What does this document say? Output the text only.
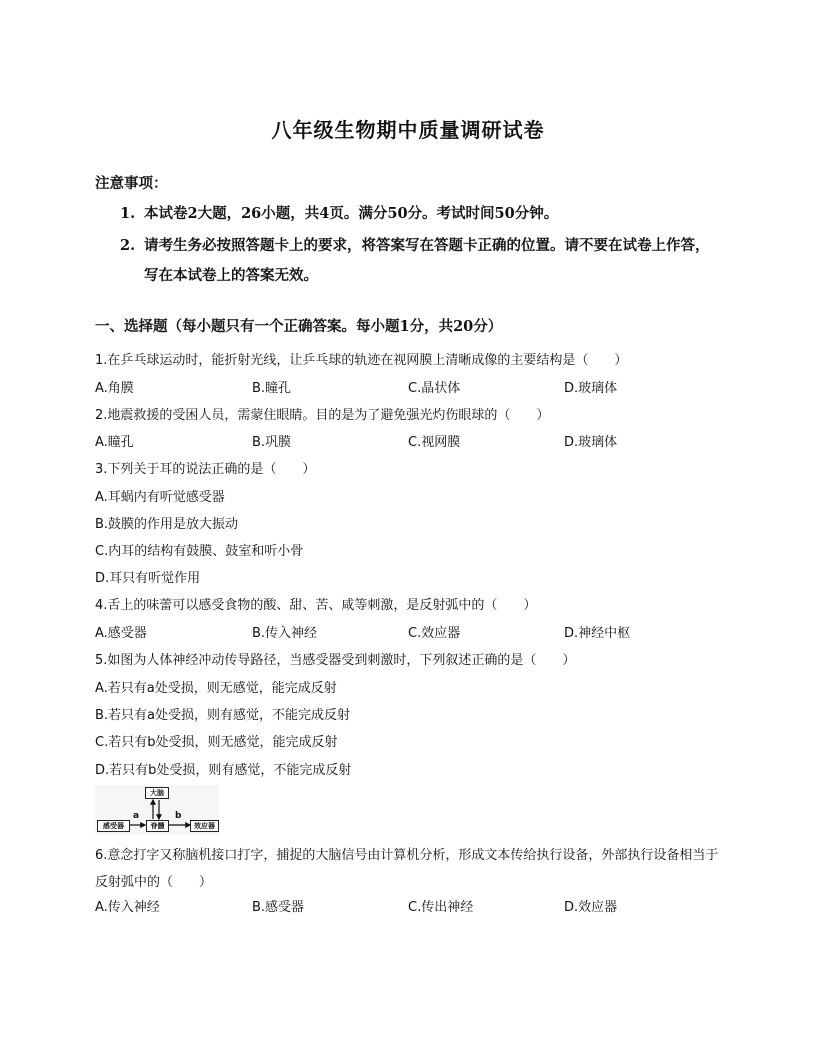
八年级生物期中质量调研试卷
注意事项：
1. 本试卷2大题，26小题，共4页。满分50分。考试时间50分钟。
2. 请考生务必按照答题卡上的要求，将答案写在答题卡正确的位置。请不要在试卷上作答，写在本试卷上的答案无效。
一、选择题（每小题只有一个正确答案。每小题1分，共20分）
1.在乒乓球运动时，能折射光线，让乒乓球的轨迹在视网膜上清晰成像的主要结构是（　　）
A.角膜	B.瞳孔	C.晶状体	D.玻璃体
2.地震救援的受困人员，需蒙住眼睛。目的是为了避免强光灼伤眼球的（　　）
A.瞳孔	B.巩膜	C.视网膜	D.玻璃体
3.下列关于耳的说法正确的是（　　）
A.耳蜗内有听觉感受器
B.鼓膜的作用是放大振动
C.内耳的结构有鼓膜、鼓室和听小骨
D.耳只有听觉作用
4.舌上的味蕾可以感受食物的酸、甜、苦、咸等刺激，是反射弧中的（　　）
A.感受器	B.传入神经	C.效应器	D.神经中枢
5.如图为人体神经冲动传导路径，当感受器受到刺激时，下列叙述正确的是（　　）
A.若只有a处受损，则无感觉，能完成反射
B.若只有a处受损，则有感觉，不能完成反射
C.若只有b处受损，则无感觉，能完成反射
D.若只有b处受损，则有感觉，不能完成反射
大脑
感受器	脊髓	效应器
a	b
6.意念打字又称脑机接口打字，捕捉的大脑信号由计算机分析，形成文本传给执行设备，外部执行设备相当于反射弧中的（　　）
A.传入神经	B.感受器	C.传出神经	D.效应器
